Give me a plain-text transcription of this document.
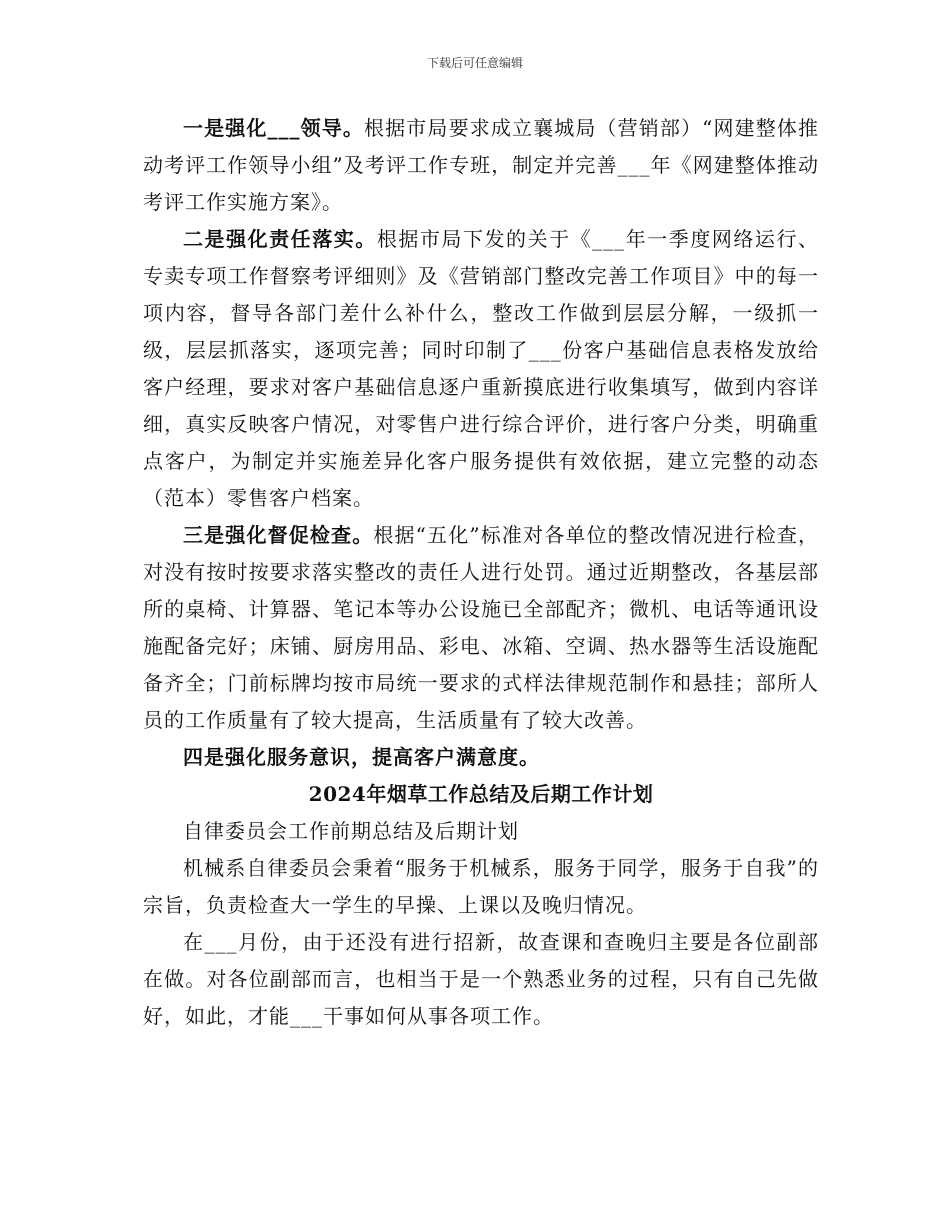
下载后可任意编辑

一是强化___领导。根据市局要求成立襄城局（营销部）“网建整体推动考评工作领导小组”及考评工作专班，制定并完善___年《网建整体推动考评工作实施方案》。

二是强化责任落实。根据市局下发的关于《___年一季度网络运行、专卖专项工作督察考评细则》及《营销部门整改完善工作项目》中的每一项内容，督导各部门差什么补什么，整改工作做到层层分解，一级抓一级，层层抓落实，逐项完善；同时印制了___份客户基础信息表格发放给客户经理，要求对客户基础信息逐户重新摸底进行收集填写，做到内容详细，真实反映客户情况，对零售户进行综合评价，进行客户分类，明确重点客户，为制定并实施差异化客户服务提供有效依据，建立完整的动态（范本）零售客户档案。

三是强化督促检查。根据“五化”标准对各单位的整改情况进行检查，对没有按时按要求落实整改的责任人进行处罚。通过近期整改，各基层部所的桌椅、计算器、笔记本等办公设施已全部配齐；微机、电话等通讯设施配备完好；床铺、厨房用品、彩电、冰箱、空调、热水器等生活设施配备齐全；门前标牌均按市局统一要求的式样法律规范制作和悬挂；部所人员的工作质量有了较大提高，生活质量有了较大改善。

四是强化服务意识，提高客户满意度。

2024年烟草工作总结及后期工作计划

自律委员会工作前期总结及后期计划

机械系自律委员会秉着“服务于机械系，服务于同学，服务于自我”的宗旨，负责检查大一学生的早操、上课以及晚归情况。

在___月份，由于还没有进行招新，故查课和查晚归主要是各位副部在做。对各位副部而言，也相当于是一个熟悉业务的过程，只有自己先做好，如此，才能___干事如何从事各项工作。
